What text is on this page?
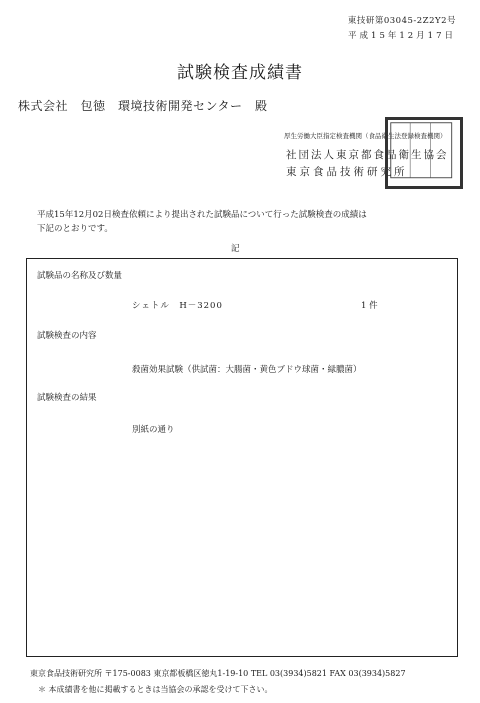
東技研第03045-2Z2Y2号
平成15年12月17日
試験検査成績書
株式会社　包徳　環境技術開発センター　殿
厚生労働大臣指定検査機関（食品衛生法登録検査機関）
社団法人東京都食品衛生協会
東京食品技術研究所
平成15年12月02日検査依頼により提出された試験品について行った試験検査の成績は
下記のとおりです。
記
試験品の名称及び数量
シェトル　H－3200	1 件
試験検査の内容
殺菌効果試験（供試菌：大腸菌・黄色ブドウ球菌・緑膿菌）
試験検査の結果
別紙の通り
東京食品技術研究所 〒175-0083 東京都板橋区徳丸1-19-10 TEL 03(3934)5821 FAX 03(3934)5827
＊ 本成績書を他に掲載するときは当協会の承認を受けて下さい。
